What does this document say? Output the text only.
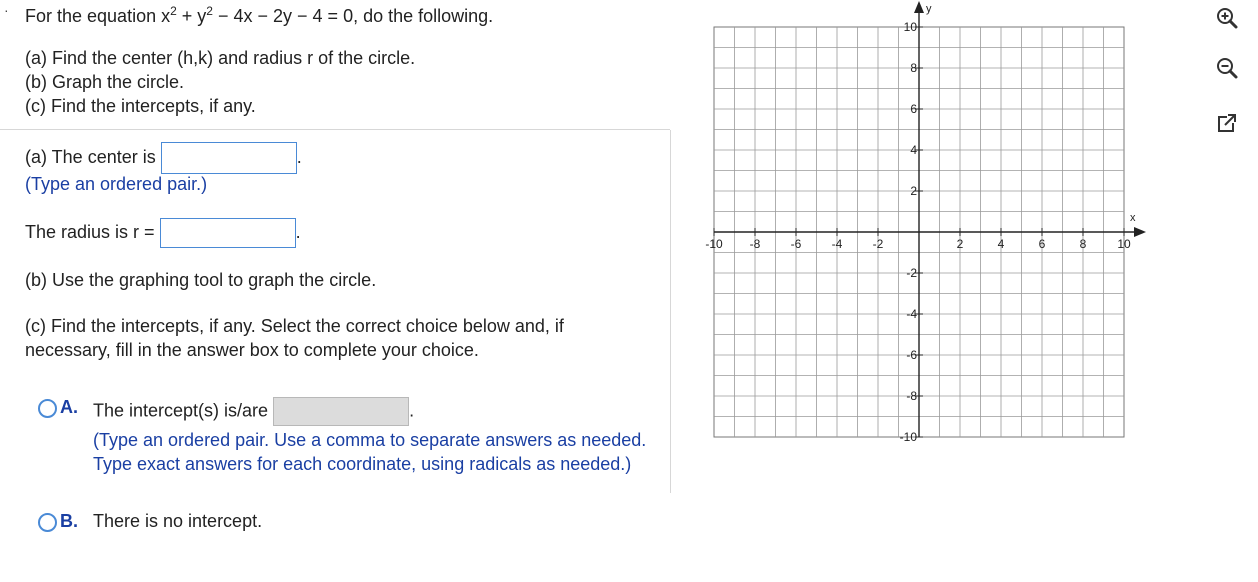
· For the equation $x^2 + y^2 - 4x - 2y - 4 = 0$, do the following.
(a) Find the center (h,k) and radius r of the circle.
(b) Graph the circle.
(c) Find the intercepts, if any.
(a) The center is	.
(Type an ordered pair.)
The radius is r =	.
(b) Use the graphing tool to graph the circle.
(c) Find the intercepts, if any. Select the correct choice below and, if necessary, fill in the answer box to complete your choice.
A. The intercept(s) is/are	.
(Type an ordered pair. Use a comma to separate answers as needed. Type exact answers for each coordinate, using radicals as needed.)
B. There is no intercept.
x
y
-10 -8	-6	-4	-2	2	4	6	8	10
10
8
6
4
2
-2
-4
-6
-8
-10
